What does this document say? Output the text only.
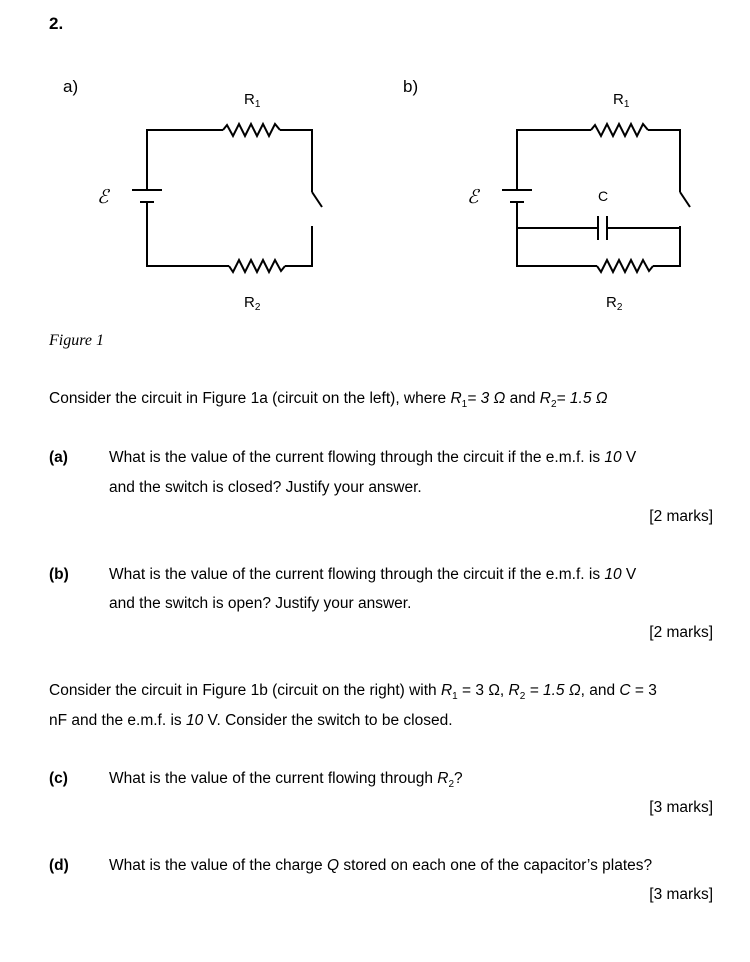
2.
a)	b)
$R_1$
$R_2$
ℰ
$R_1$
$R_2$
C
ℰ
Figure 1
Consider the circuit in Figure 1a (circuit on the left), where $R_1= 3$ Ω and $R_2= 1.5$ Ω
(a)	What is the value of the current flowing through the circuit if the e.m.f. is 10 V
and the switch is closed? Justify your answer.
[2 marks]
(b)	What is the value of the current flowing through the circuit if the e.m.f. is 10 V
and the switch is open? Justify your answer.
[2 marks]
Consider the circuit in Figure 1b (circuit on the right) with $R_1 = 3$ Ω, $R_2 = 1.5$ Ω, and C = 3
nF and the e.m.f. is 10 V. Consider the switch to be closed.
(c)	What is the value of the current flowing through $R_2$?
[3 marks]
(d)	What is the value of the charge Q stored on each one of the capacitor’s plates?
[3 marks]
